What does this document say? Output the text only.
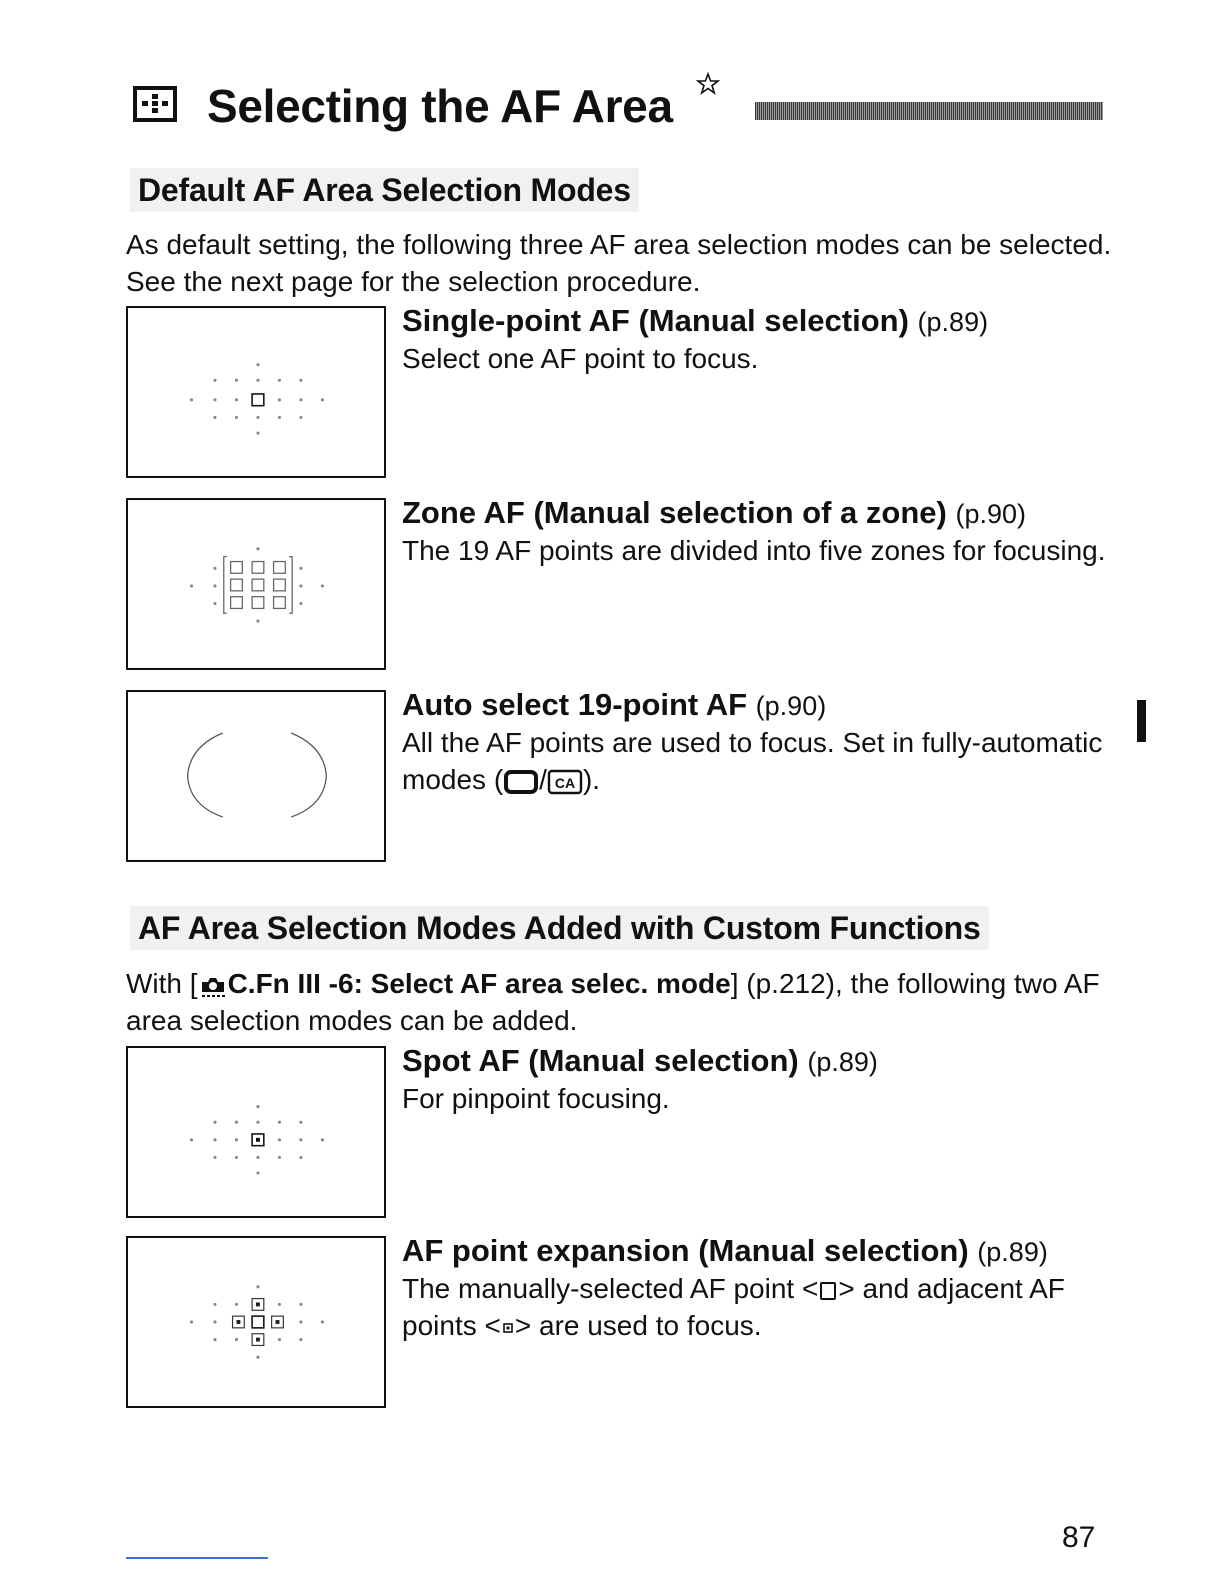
Selecting the AF Area
Default AF Area Selection Modes
As default setting, the following three AF area selection modes can be selected. See the next page for the selection procedure.
Single-point AF (Manual selection) (p.89)
Select one AF point to focus.
Zone AF (Manual selection of a zone) (p.90)
The 19 AF points are divided into five zones for focusing.
Auto select 19-point AF (p.90)
All the AF points are used to focus. Set in fully-automatic modes ( / CA ).
AF Area Selection Modes Added with Custom Functions
With [ C.Fn III -6: Select AF area selec. mode] (p.212), the following two AF area selection modes can be added.
Spot AF (Manual selection) (p.89)
For pinpoint focusing.
AF point expansion (Manual selection) (p.89)
The manually-selected AF point < > and adjacent AF points < > are used to focus.
87
